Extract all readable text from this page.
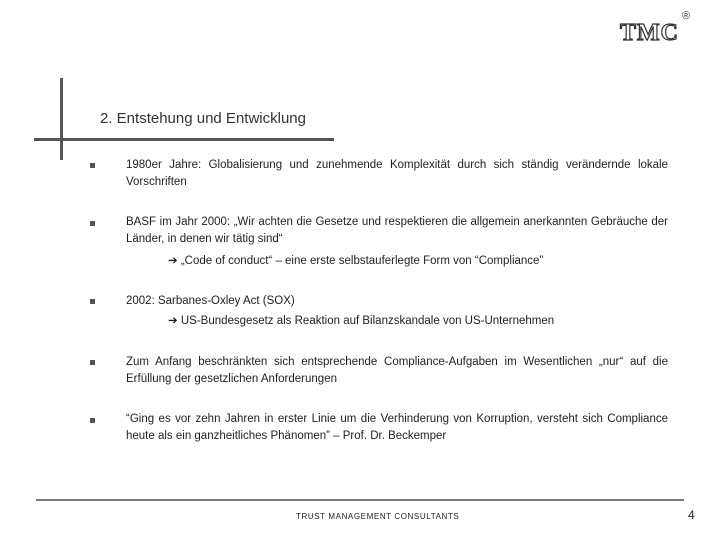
TMC
®
2. Entstehung und Entwicklung
1980er Jahre: Globalisierung und zunehmende Komplexität durch sich ständig verändernde lokale Vorschriften
BASF im Jahr 2000: „Wir achten die Gesetze und respektieren die allgemein anerkannten Gebräuche der Länder, in denen wir tätig sind“
➔ „Code of conduct“ – eine erste selbstauferlegte Form von “Compliance”
2002: Sarbanes-Oxley Act (SOX)
➔ US-Bundesgesetz als Reaktion auf Bilanzskandale von US-Unternehmen
Zum Anfang beschränkten sich entsprechende Compliance-Aufgaben im Wesentlichen „nur“ auf die Erfüllung der gesetzlichen Anforderungen
“Ging es vor zehn Jahren in erster Linie um die Verhinderung von Korruption, versteht sich Compliance heute als ein ganzheitliches Phänomen” – Prof. Dr. Beckemper
TRUST MANAGEMENT CONSULTANTS	4
